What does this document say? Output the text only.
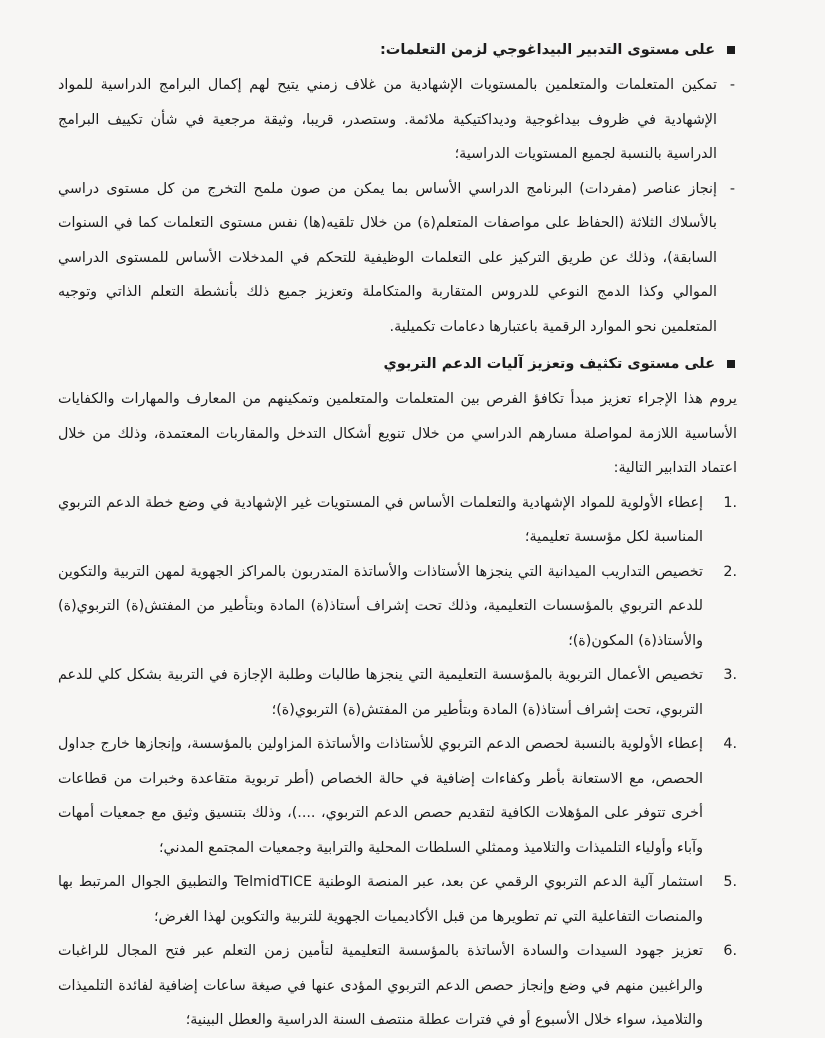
على مستوى التدبير البيداغوجي لزمن التعلمات:

-
تمكين المتعلمات والمتعلمين بالمستويات الإشهادية من غلاف زمني يتيح لهم إكمال البرامج الدراسية للمواد الإشهادية في ظروف بيداغوجية وديداكتيكية ملائمة. وستصدر، قريبا، وثيقة مرجعية في شأن تكييف البرامج الدراسية بالنسبة لجميع المستويات الدراسية؛

-
إنجاز عناصر (مفردات) البرنامج الدراسي الأساس بما يمكن من صون ملمح التخرج من كل مستوى دراسي بالأسلاك الثلاثة (الحفاظ على مواصفات المتعلم(ة) من خلال تلقيه(ها) نفس مستوى التعلمات كما في السنوات السابقة)، وذلك عن طريق التركيز على التعلمات الوظيفية للتحكم في المدخلات الأساس للمستوى الدراسي الموالي وكذا الدمج النوعي للدروس المتقاربة والمتكاملة وتعزيز جميع ذلك بأنشطة التعلم الذاتي وتوجيه المتعلمين نحو الموارد الرقمية باعتبارها دعامات تكميلية.

على مستوى تكثيف وتعزيز آليات الدعم التربوي

يروم هذا الإجراء تعزيز مبدأ تكافؤ الفرص بين المتعلمات والمتعلمين وتمكينهم من المعارف والمهارات والكفايات الأساسية اللازمة لمواصلة مسارهم الدراسي من خلال تنويع أشكال التدخل والمقاربات المعتمدة، وذلك من خلال اعتماد التدابير التالية:

1.
إعطاء الأولوية للمواد الإشهادية والتعلمات الأساس في المستويات غير الإشهادية في وضع خطة الدعم التربوي المناسبة لكل مؤسسة تعليمية؛
2.
تخصيص التداريب الميدانية التي ينجزها الأستاذات والأساتذة المتدربون بالمراكز الجهوية لمهن التربية والتكوين للدعم التربوي بالمؤسسات التعليمية، وذلك تحت إشراف أستاذ(ة) المادة وبتأطير من المفتش(ة) التربوي(ة) والأستاذ(ة) المكون(ة)؛
3.
تخصيص الأعمال التربوية بالمؤسسة التعليمية التي ينجزها طالبات وطلبة الإجازة في التربية بشكل كلي للدعم التربوي، تحت إشراف أستاذ(ة) المادة وبتأطير من المفتش(ة) التربوي(ة)؛
4.
إعطاء الأولوية بالنسبة لحصص الدعم التربوي للأستاذات والأساتذة المزاولين بالمؤسسة، وإنجازها خارج جداول الحصص، مع الاستعانة بأطر وكفاءات إضافية في حالة الخصاص (أطر تربوية متقاعدة وخبرات من قطاعات أخرى تتوفر على المؤهلات الكافية لتقديم حصص الدعم التربوي، ....)، وذلك بتنسيق وثيق مع جمعيات أمهات وآباء وأولياء التلميذات والتلاميذ وممثلي السلطات المحلية والترابية وجمعيات المجتمع المدني؛
5.
استثمار آلية الدعم التربوي الرقمي عن بعد، عبر المنصة الوطنية TelmidTICE والتطبيق الجوال المرتبط بها والمنصات التفاعلية التي تم تطويرها من قبل الأكاديميات الجهوية للتربية والتكوين لهذا الغرض؛
6.
تعزيز جهود السيدات والسادة الأساتذة بالمؤسسة التعليمية لتأمين زمن التعلم عبر فتح المجال للراغبات والراغبين منهم في وضع وإنجاز حصص الدعم التربوي المؤدى عنها في صيغة ساعات إضافية لفائدة التلميذات والتلاميذ، سواء خلال الأسبوع أو في فترات عطلة منتصف السنة الدراسية والعطل البينية؛
